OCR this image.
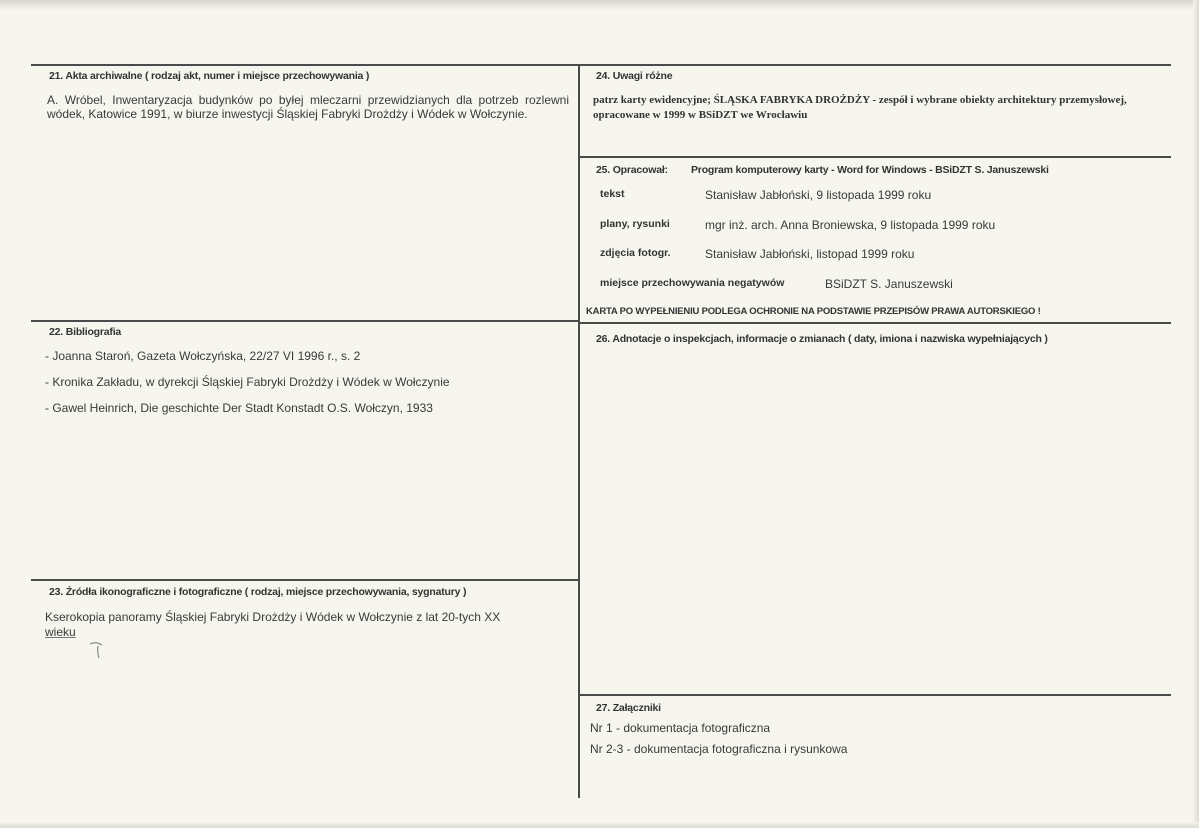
21. Akta archiwalne ( rodzaj akt, numer i miejsce przechowywania )
A. Wróbel, Inwentaryzacja budynków po byłej mleczarni przewidzianych dla potrzeb rozlewni wódek, Katowice 1991, w biurze inwestycji Śląskiej Fabryki Drożdży i Wódek w Wołczynie.
22. Bibliografia
- Joanna Staroń, Gazeta Wołczyńska, 22/27 VI 1996 r., s. 2
- Kronika Zakładu, w dyrekcji Śląskiej Fabryki Drożdży i Wódek w Wołczynie
- Gawel Heinrich, Die geschichte Der Stadt Konstadt O.S. Wołczyn, 1933
23. Źródła ikonograficzne i fotograficzne ( rodzaj, miejsce przechowywania, sygnatury )
Kserokopia panoramy Śląskiej Fabryki Drożdży i Wódek w Wołczynie z lat 20-tych XX
wieku
24. Uwagi różne
patrz karty ewidencyjne; ŚLĄSKA FABRYKA DROŻDŻY - zespół i wybrane obiekty architektury przemysłowej, opracowane w 1999 w BSiDZT we Wrocławiu
25. Opracował: Program komputerowy karty - Word for Windows - BSiDZT S. Januszewski
tekst	Stanisław Jabłoński, 9 listopada 1999 roku
plany, rysunki	mgr inż. arch. Anna Broniewska, 9 listopada 1999 roku
zdjęcia fotogr.	Stanisław Jabłoński, listopad 1999 roku
miejsce przechowywania negatywów	BSiDZT S. Januszewski
KARTA PO WYPEŁNIENIU PODLEGA OCHRONIE NA PODSTAWIE PRZEPISÓW PRAWA AUTORSKIEGO !
26. Adnotacje o inspekcjach, informacje o zmianach ( daty, imiona i nazwiska wypełniających )
27. Załączniki
Nr 1 - dokumentacja fotograficzna
Nr 2-3 - dokumentacja fotograficzna i rysunkowa
